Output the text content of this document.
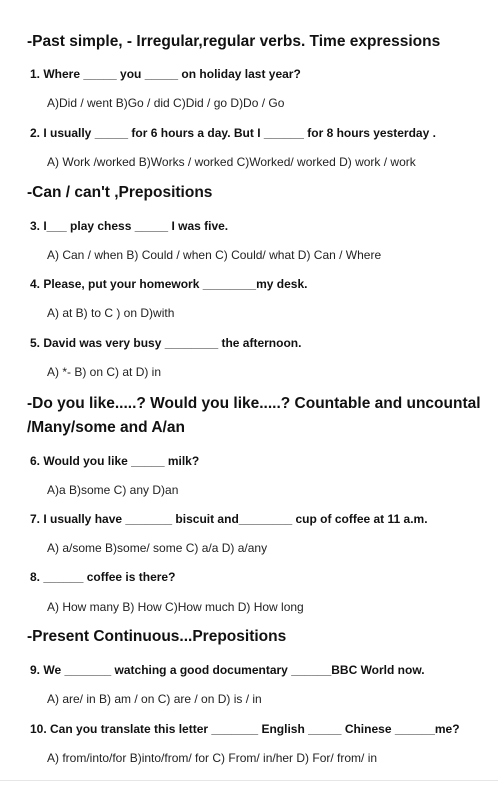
-Past simple, - Irregular,regular verbs. Time expressions
1. Where _____ you _____ on holiday last year?
A)Did / went B)Go / did C)Did / go D)Do / Go
2. I usually _____ for 6 hours a day. But I ______ for 8 hours yesterday .
A) Work /worked B)Works / worked C)Worked/ worked D) work / work
-Can / can't ,Prepositions
3. I___ play chess _____ I was five.
A) Can / when B) Could / when C) Could/ what D) Can / Where
4. Please, put your homework ________my desk.
A) at B) to C ) on D)with
5. David was very busy ________ the afternoon.
A) *- B) on C) at D) in
-Do you like.....? Would you like.....? Countable and uncountal
/Many/some and A/an
6. Would you like _____ milk?
A)a B)some C) any D)an
7. I usually have _______ biscuit and________ cup of coffee at 11 a.m.
A) a/some B)some/ some C) a/a D) a/any
8. ______ coffee is there?
A) How many B) How C)How much D) How long
-Present Continuous...Prepositions
9. We _______ watching a good documentary ______BBC World now.
A) are/ in B) am / on C) are / on D) is / in
10. Can you translate this letter _______ English _____ Chinese ______me?
A) from/into/for B)into/from/ for C) From/ in/her D) For/ from/ in
